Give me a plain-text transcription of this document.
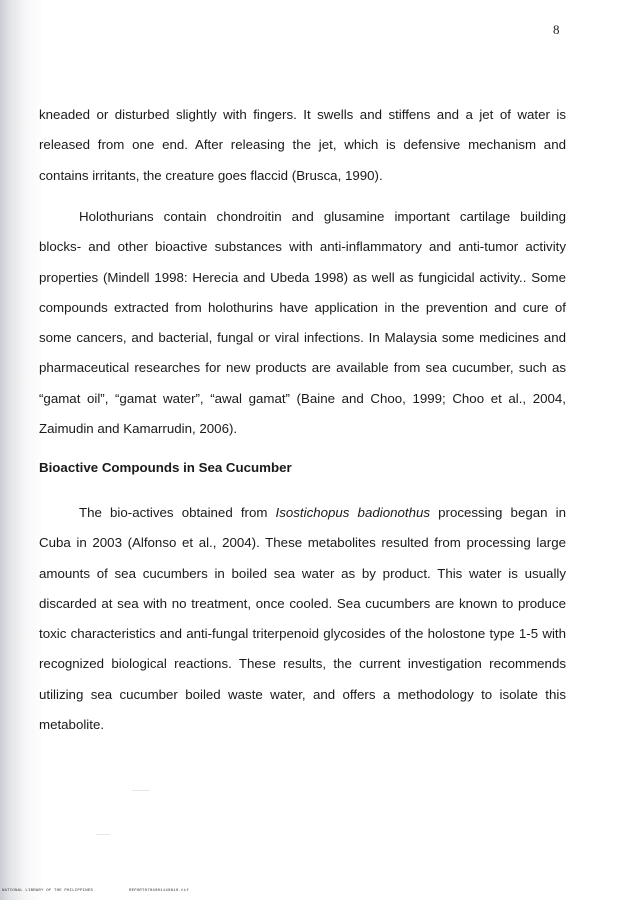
8

kneaded or disturbed slightly with fingers. It swells and stiffens and a jet of water is released from one end. After releasing the jet, which is defensive mechanism and contains irritants, the creature goes flaccid (Brusca, 1990).

Holothurians contain chondroitin and glusamine important cartilage building blocks- and other bioactive substances with anti-inflammatory and anti-tumor activity properties (Mindell 1998: Herecia and Ubeda 1998) as well as fungicidal activity.. Some compounds extracted from holothurins have application in the prevention and cure of some cancers, and bacterial, fungal or viral infections. In Malaysia some medicines and pharmaceutical researches for new products are available from sea cucumber, such as “gamat oil”, “gamat water”, “awal gamat” (Baine and Choo, 1999; Choo et al., 2004, Zaimudin and Kamarrudin, 2006).

Bioactive Compounds in Sea Cucumber

The bio-actives obtained from Isostichopus badionothus processing began in Cuba in 2003 (Alfonso et al., 2004). These metabolites resulted from processing large amounts of sea cucumbers in boiled sea water as by product. This water is usually discarded at sea with no treatment, once cooled. Sea cucumbers are known to produce toxic characteristics and anti-fungal triterpenoid glycosides of the holostone type 1-5 with recognized biological reactions. These results, the current investigation recommends utilizing sea cucumber boiled waste water, and offers a methodology to isolate this metabolite.

NATIONAL LIBRARY OF THE PHILIPPINES	REPORT0704001140810.tif
